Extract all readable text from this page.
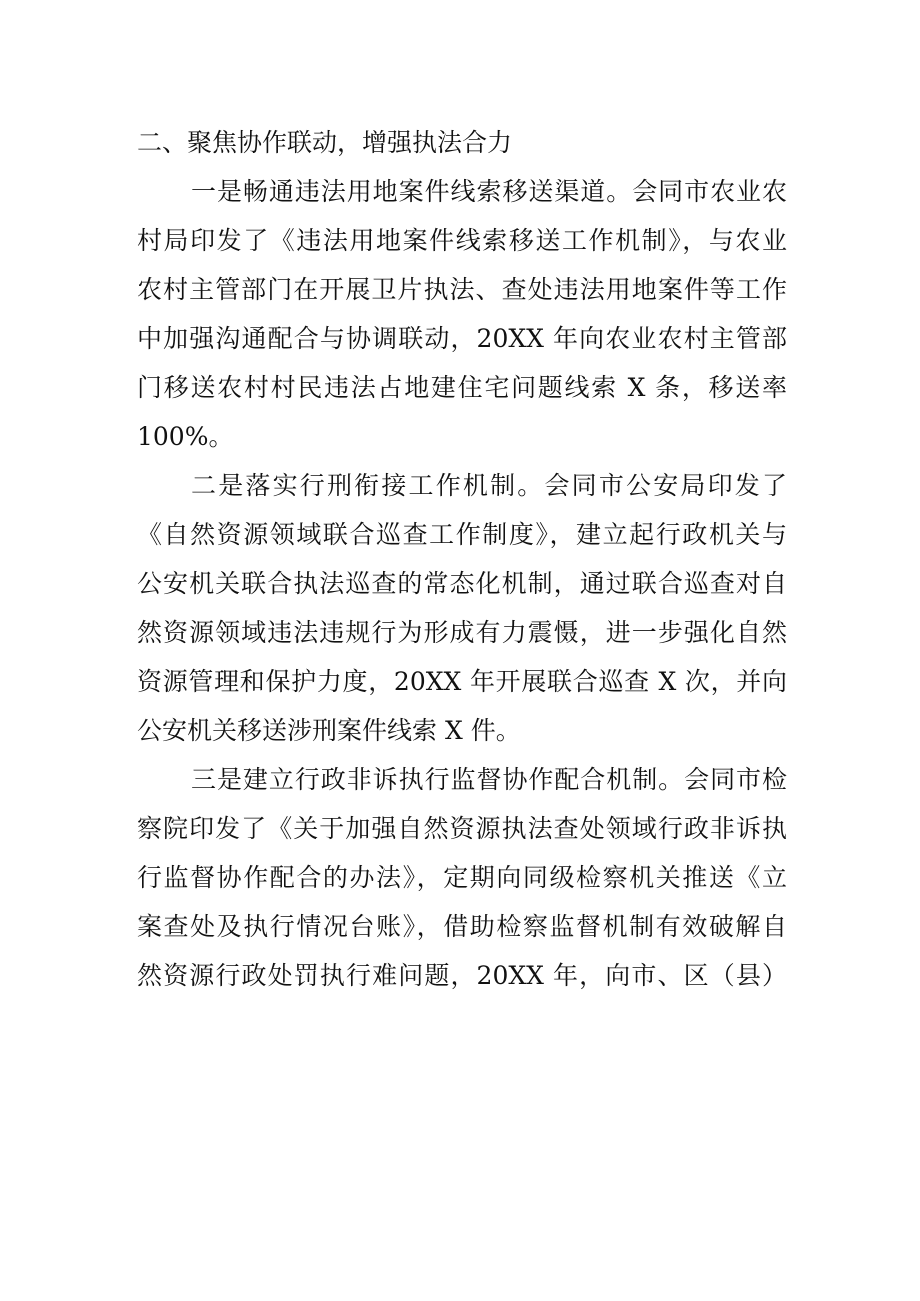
二、聚焦协作联动，增强执法合力

一是畅通违法用地案件线索移送渠道。会同市农业农
村局印发了《违法用地案件线索移送工作机制》，与农业
农村主管部门在开展卫片执法、查处违法用地案件等工作
中加强沟通配合与协调联动，20XX 年向农业农村主管部
门移送农村村民违法占地建住宅问题线索 X 条，移送率
100%。
二是落实行刑衔接工作机制。会同市公安局印发了
《自然资源领域联合巡查工作制度》，建立起行政机关与
公安机关联合执法巡查的常态化机制，通过联合巡查对自
然资源领域违法违规行为形成有力震慑，进一步强化自然
资源管理和保护力度，20XX 年开展联合巡查 X 次，并向
公安机关移送涉刑案件线索 X 件。
三是建立行政非诉执行监督协作配合机制。会同市检
察院印发了《关于加强自然资源执法查处领域行政非诉执
行监督协作配合的办法》，定期向同级检察机关推送《立
案查处及执行情况台账》，借助检察监督机制有效破解自
然资源行政处罚执行难问题，20XX 年，向市、区（县）
